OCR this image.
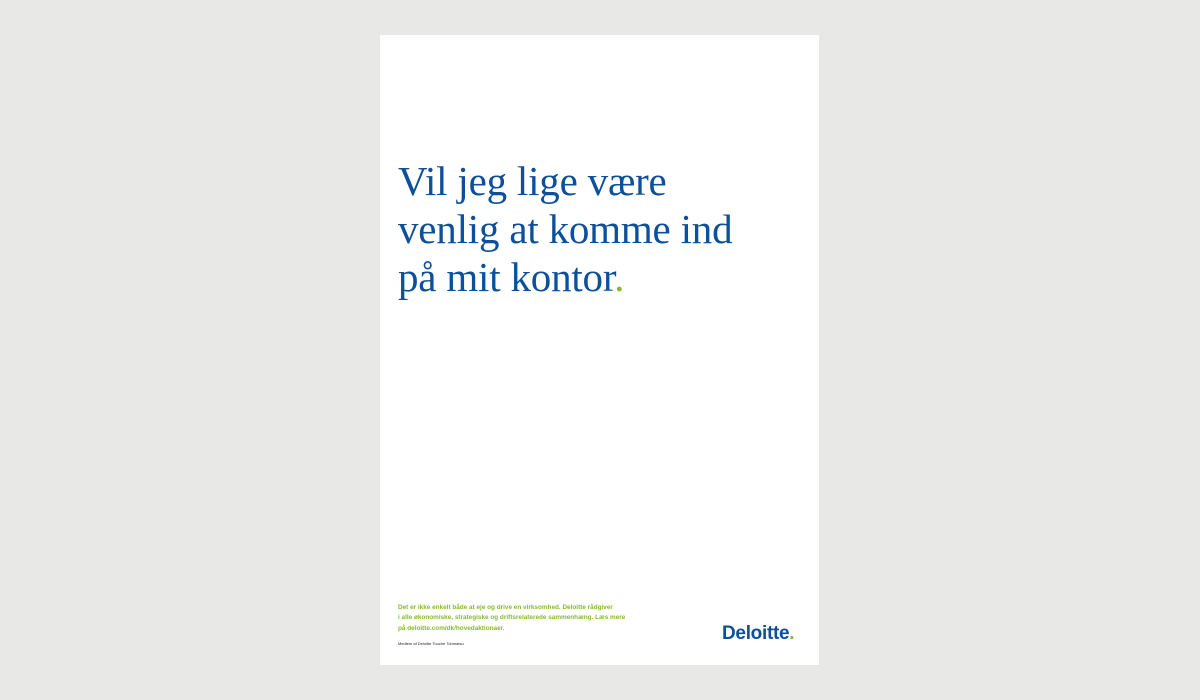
Vil jeg lige være
venlig at komme ind
på mit kontor.

Det er ikke enkelt både at eje og drive en virksomhed. Deloitte rådgiver
i alle økonomiske, strategiske og driftsrelaterede sammenhæng. Læs mere
på deloitte.com/dk/hovedaktionaer.

Medlem af Deloitte Touche Tohmatsu	Deloitte.
